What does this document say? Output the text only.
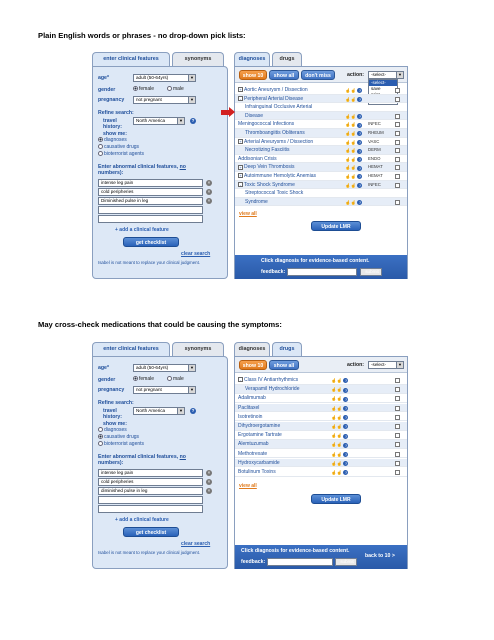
Plain English words or phrases - no drop-down pick lists:
enter clinical features	synonyms
age*	adult (50-64yrs)	▼
gender	female	male
pregnancy	not pregnant	▼
Refine search:
travel
history:
North America	▼	?
show me:
diagnoses
causative drugs
bioterrorist agents
Enter abnormal clinical features, no
numbers):
intense leg pain	×
cold peripheries	×
Diminished pulse in leg	×
+ add a clinical feature
get checklist
clear search
Isabel is not meant to replace your clinical judgment.
diagnoses	drugs
show 10	show all	don't miss	action:	-select-	▼
-select-
save
+ Aortic Aneurysm / Dissection	☝☝ ?
- Peripheral Arterial Disease	☝☝ ?
Infrainguinal Occlusive Arterial
Disease	☝☝ ?
Meningococcal Infections	☝☝ ?	INFEC
Thromboangiitis Obliterans	☝☝ ?	RHEUM
+ Arterial Aneurysms / Dissection	☝☝ ?	VASC
Necrotizing Fasciitis	☝☝ ?	DERM
Addisonian Crisis	☝☝ ?	ENDO
+ Deep Vein Thrombosis	☝☝ ?	HEMAT
+ Autoimmune Hemolytic Anemias	☝☝ ?	HEMAT
- Toxic Shock Syndrome	☝☝ ?	INFEC
Streptococcal Toxic Shock
Syndrome	☝☝ ?
view all
Update LMR
Click diagnosis for evidence-based content.
feedback:	submit
May cross-check medications that could be causing the symptoms:
enter clinical features	synonyms
age*	adult (50-64yrs)	▼
gender	female	male
pregnancy	not pregnant	▼
Refine search:
travel
history:
North America	▼	?
show me:
diagnoses
causative drugs
bioterrorist agents
Enter abnormal clinical features, no
numbers):
intense leg pain	×
cold peripheries	×
diminished pulse in leg	×
+ add a clinical feature
get checklist
clear search
Isabel is not meant to replace your clinical judgment.
diagnoses	drugs
show 10	show all	action:	-select-	▼
- Class IV Antiarrhythmics	☝☝ ?
Verapamil Hydrochloride	☝☝ ?
Adalimumab	☝☝ ?
Paclitaxel	☝☝ ?
Isotretinoin	☝☝ ?
Dihydroergotamine	☝☝ ?
Ergotamine Tartrate	☝☝ ?
Alemtuzumab	☝☝ ?
Methotrexate	☝☝ ?
Hydroxycarbamide	☝☝ ?
Botulinum Toxins	☝☝ ?
view all
Update LMR
Click diagnosis for evidence-based content.
back to 10 >
feedback:	submit
